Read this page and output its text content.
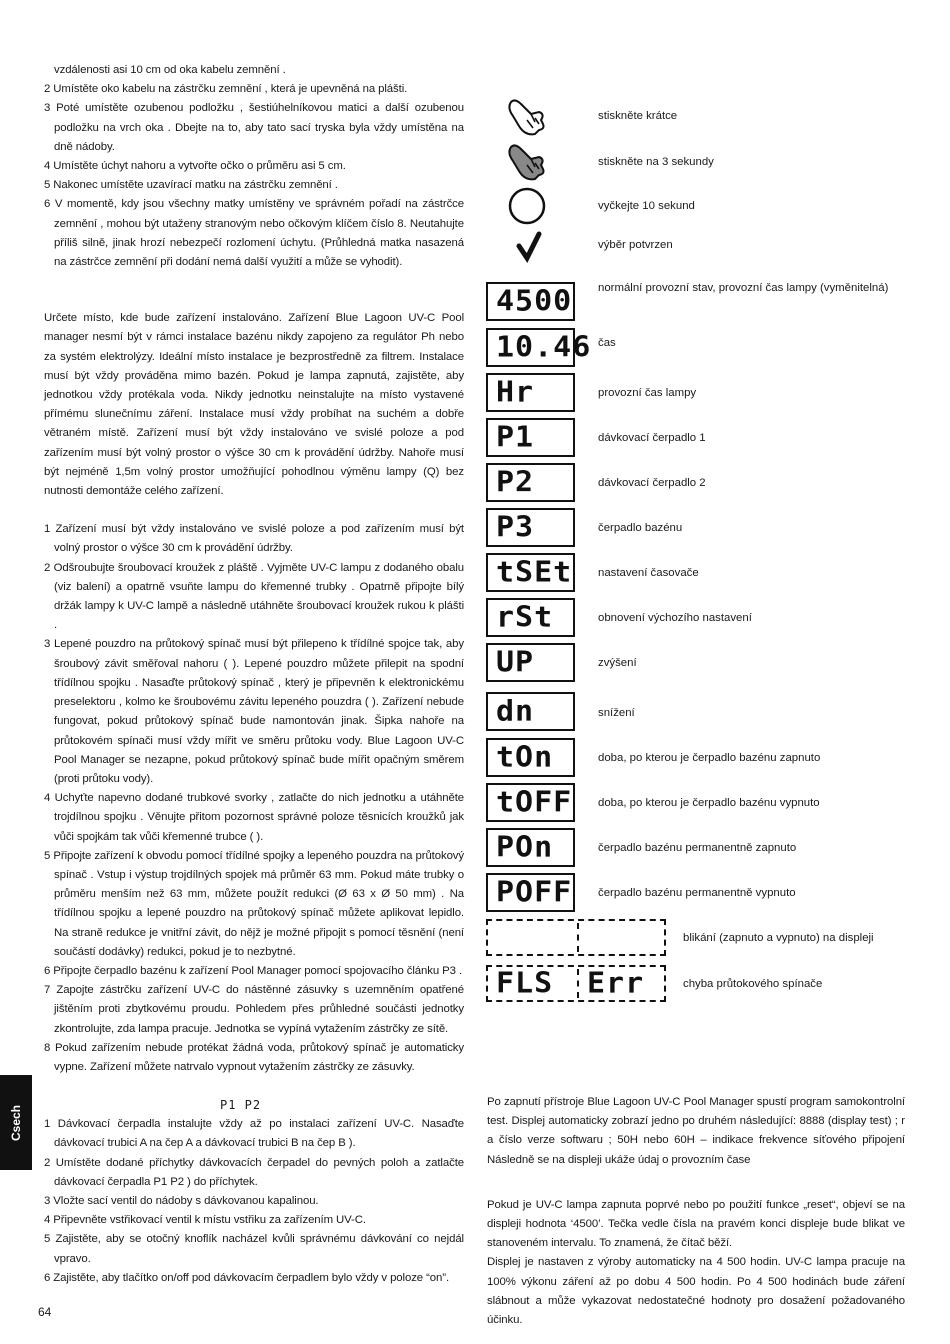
vzdálenosti asi 10 cm od oka kabelu zemnění .

2 Umístěte oko kabelu na zástrčku zemnění , která je upevněná na plášti.

3 Poté umístěte ozubenou podložku , šestiúhelníkovou matici a další ozubenou podložku na vrch oka . Dbejte na to, aby tato sací tryska byla vždy umístěna na dně nádoby.

4 Umístěte úchyt nahoru a vytvořte očko o průměru asi 5 cm.

5 Nakonec umístěte uzavírací matku na zástrčku zemnění .

6 V momentě, kdy jsou všechny matky umístěny ve správném pořadí na zástrčce zemnění , mohou být utaženy stranovým nebo očkovým klíčem číslo 8. Neutahujte příliš silně, jinak hrozí nebezpečí rozlomení úchytu. (Průhledná matka nasazená na zástrčce zemnění při dodání nemá další využití a může se vyhodit).

Určete místo, kde bude zařízení instalováno. Zařízení Blue Lagoon UV-C Pool manager nesmí být v rámci instalace bazénu nikdy zapojeno za regulátor Ph nebo za systém elektrolýzy. Ideální místo instalace je bezprostředně za filtrem. Instalace musí být vždy prováděna mimo bazén. Pokud je lampa zapnutá, zajistěte, aby jednotkou vždy protékala voda. Nikdy jednotku neinstalujte na místo vystavené přímému slunečnímu záření. Instalace musí vždy probíhat na suchém a dobře větraném místě. Zařízení musí být vždy instalováno ve svislé poloze a pod zařízením musí být volný prostor o výšce 30 cm k provádění údržby. Nahoře musí být nejméně 1,5m volný prostor umožňující pohodlnou výměnu lampy (Q) bez nutnosti demontáže celého zařízení.

1 Zařízení musí být vždy instalováno ve svislé poloze a pod zařízením musí být volný prostor o výšce 30 cm k provádění údržby.

2 Odšroubujte šroubovací kroužek z pláště . Vyjměte UV-C lampu z dodaného obalu (viz balení) a opatrně vsuňte lampu do křemenné trubky . Opatrně připojte bílý držák lampy k UV-C lampě a následně utáhněte šroubovací kroužek rukou k plášti .

3 Lepené pouzdro na průtokový spínač musí být přilepeno k třídílné spojce tak, aby šroubový závit směřoval nahoru ( ). Lepené pouzdro můžete přilepit na spodní třídílnou spojku . Nasaďte průtokový spínač , který je připevněn k elektronickému preselektoru , kolmo ke šroubovému závitu lepeného pouzdra ( ). Zařízení nebude fungovat, pokud průtokový spínač bude namontován jinak. Šipka nahoře na průtokovém spínači musí vždy mířit ve směru průtoku vody. Blue Lagoon UV-C Pool Manager se nezapne, pokud průtokový spínač bude mířit opačným směrem (proti průtoku vody).

4 Uchyťte napevno dodané trubkové svorky , zatlačte do nich jednotku a utáhněte trojdílnou spojku . Věnujte přitom pozornost správné poloze těsnicích kroužků jak vůči spojkám tak vůči křemenné trubce ( ).

5 Připojte zařízení k obvodu pomocí třídílné spojky a lepeného pouzdra na průtokový spínač . Vstup i výstup trojdílných spojek má průměr 63 mm. Pokud máte trubky o průměru menším než 63 mm, můžete použít redukci (Ø 63 x Ø 50 mm) . Na třídílnou spojku a lepené pouzdro na průtokový spínač můžete aplikovat lepidlo. Na straně redukce je vnitřní závit, do nějž je možné připojit s pomocí těsnění (není součástí dodávky) redukci, pokud je to nezbytné.

6 Připojte čerpadlo bazénu k zařízení Pool Manager pomocí spojovacího článku P3 .

7 Zapojte zástrčku zařízení UV-C do nástěnné zásuvky s uzemněním opatřené jištěním proti zbytkovému proudu. Pohledem přes průhledné součásti jednotky zkontrolujte, zda lampa pracuje. Jednotka se vypíná vytažením zástrčky ze sítě.

8 Pokud zařízením nebude protékat žádná voda, průtokový spínač je automaticky vypne. Zařízení můžete natrvalo vypnout vytažením zástrčky ze zásuvky.

P1 P2

1 Dávkovací čerpadla instalujte vždy až po instalaci zařízení UV-C. Nasaďte dávkovací trubici A na čep A a dávkovací trubici B na čep B ).

2 Umístěte dodané příchytky dávkovacích čerpadel do pevných poloh a zatlačte dávkovací čerpadla P1 P2 ) do příchytek.

3 Vložte sací ventil do nádoby s dávkovanou kapalinou.

4 Připevněte vstřikovací ventil k místu vstřiku za zařízením UV-C.

5 Zajistěte, aby se otočný knoflík nacházel kvůli správnému dávkování co nejdál vpravo.

6 Zajistěte, aby tlačítko on/off pod dávkovacím čerpadlem bylo vždy v poloze “on”.

stiskněte krátce
stiskněte na 3 sekundy
vyčkejte 10 sekund
výběr potvrzen
4500 normální provozní stav, provozní čas lampy (vyměnitelná)
10.46 čas
Hr	provozní čas lampy
P1	dávkovací čerpadlo 1
P2	dávkovací čerpadlo 2
P3	čerpadlo bazénu
tSEt nastavení časovače
rSt	obnovení výchozího nastavení
UP	zvýšení
dn	snížení
tOn	doba, po kterou je čerpadlo bazénu zapnuto
tOFF doba, po kterou je čerpadlo bazénu vypnuto
POn	čerpadlo bazénu permanentně zapnuto
POFF čerpadlo bazénu permanentně vypnuto
blikání (zapnuto a vypnuto) na displeji
FLS	Err	chyba průtokového spínače

Po zapnutí přístroje Blue Lagoon UV-C Pool Manager spustí program samokontrolní test. Displej automaticky zobrazí jedno po druhém následující: 8888 (display test) ; r a číslo verze softwaru ; 50H nebo 60H – indikace frekvence síťového připojení Následně se na displeji ukáže údaj o provozním čase

Pokud je UV-C lampa zapnuta poprvé nebo po použití funkce „reset“, objeví se na displeji hodnota ‘4500’. Tečka vedle čísla na pravém konci displeje bude blikat ve stanoveném intervalu. To znamená, že čítač běží.

Displej je nastaven z výroby automaticky na 4 500 hodin. UV-C lampa pracuje na 100% výkonu záření až po dobu 4 500 hodin. Po 4 500 hodinách bude záření slábnout a může vykazovat nedostatečné hodnoty pro dosažení požadovaného účinku.

Csech
64
